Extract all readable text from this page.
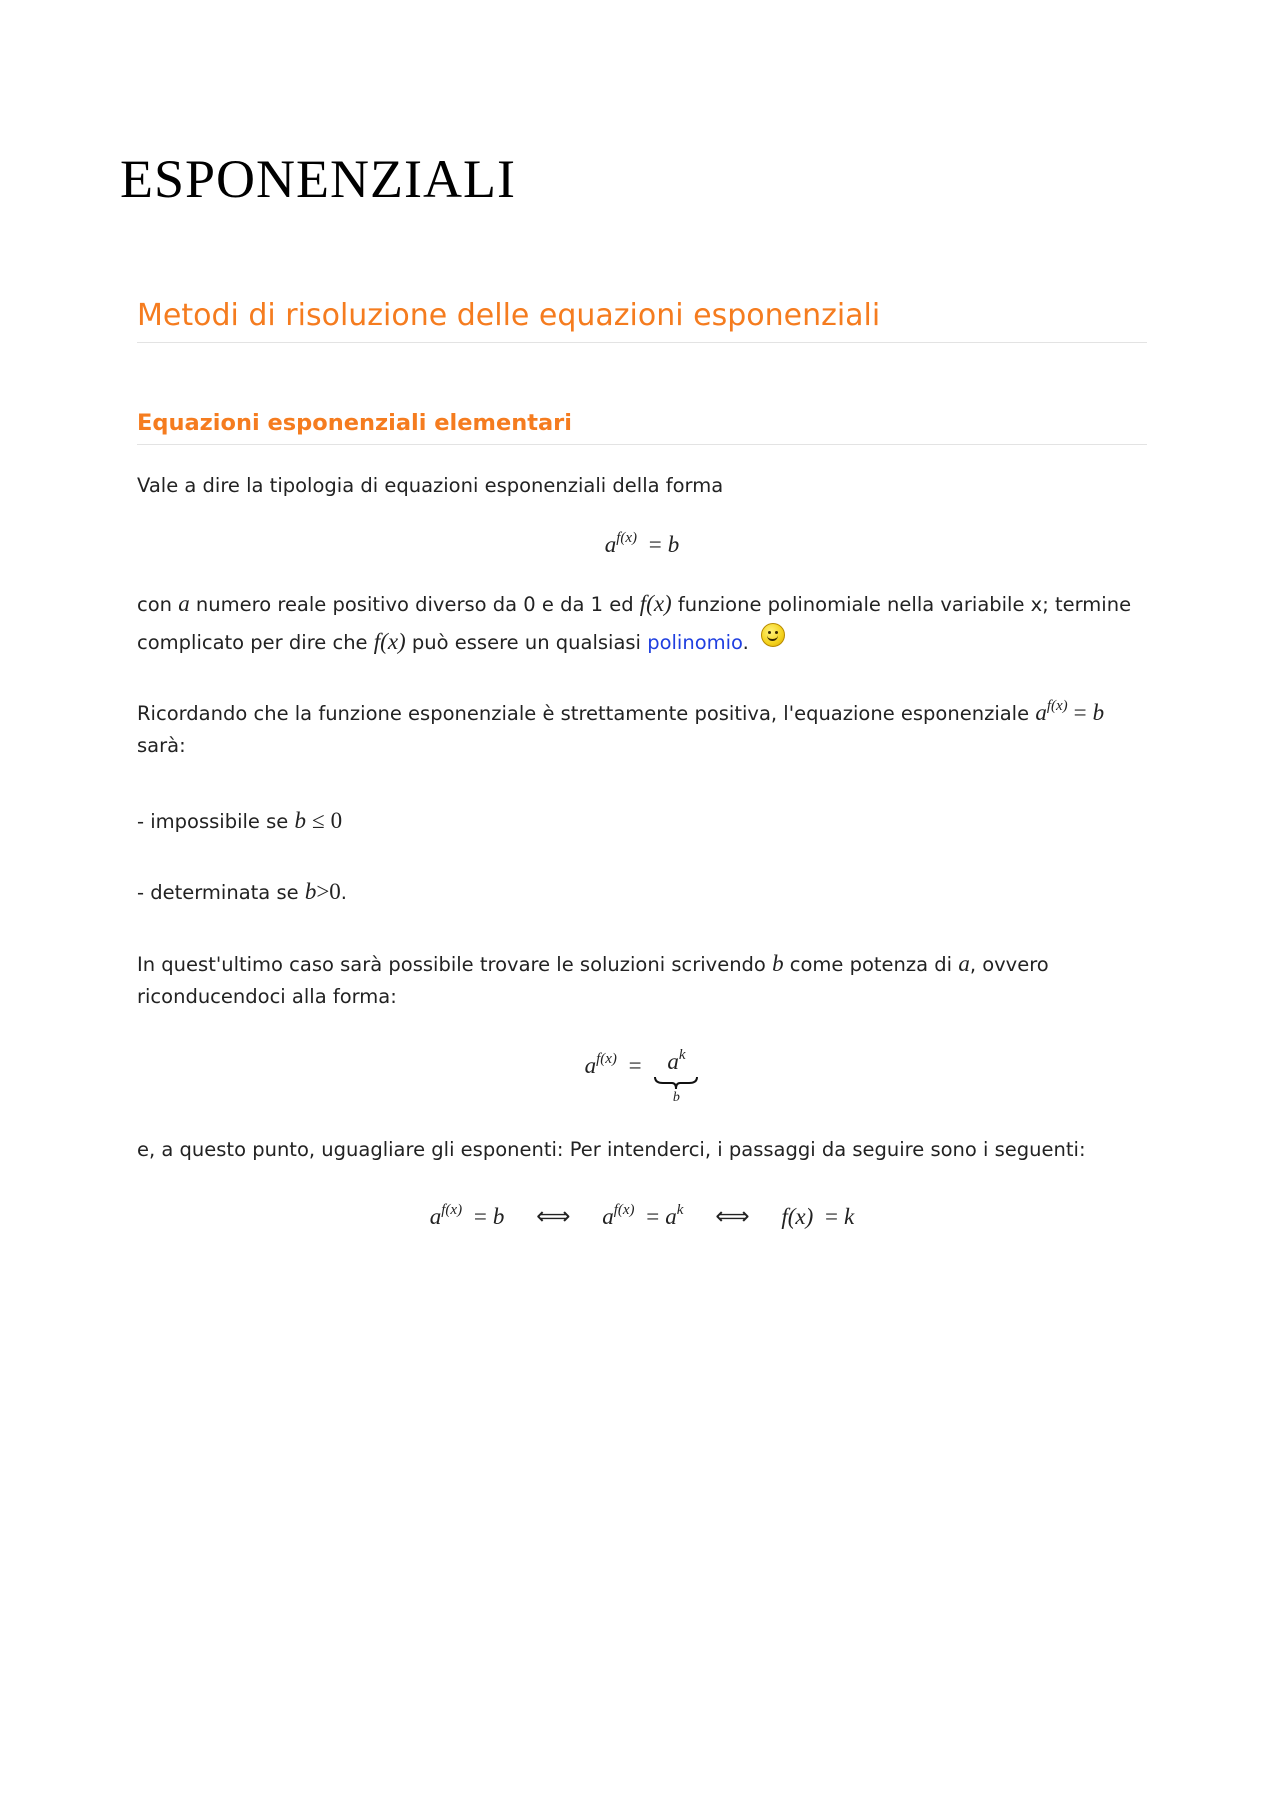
ESPONENZIALI
Metodi di risoluzione delle equazioni esponenziali
Equazioni esponenziali elementari

Vale a dire la tipologia di equazioni esponenziali della forma

$a^{f(x)} = b$

con a numero reale positivo diverso da 0 e da 1 ed f(x) funzione polinomiale nella variabile x; termine complicato per dire che f(x) può essere un qualsiasi polinomio.

Ricordando che la funzione esponenziale è strettamente positiva, l'equazione esponenziale $a^{f(x)} = b$
sarà:

- impossibile se b ≤ 0

- determinata se b>0.

In quest'ultimo caso sarà possibile trovare le soluzioni scrivendo b come potenza di a, ovvero riconducendoci alla forma:

$a^{f(x)} = a^k$
b

e, a questo punto, uguagliare gli esponenti: Per intenderci, i passaggi da seguire sono i seguenti:

$a^{f(x)} = b$ ⟺ $a^{f(x)} = a^k$ ⟺ f(x) = k
